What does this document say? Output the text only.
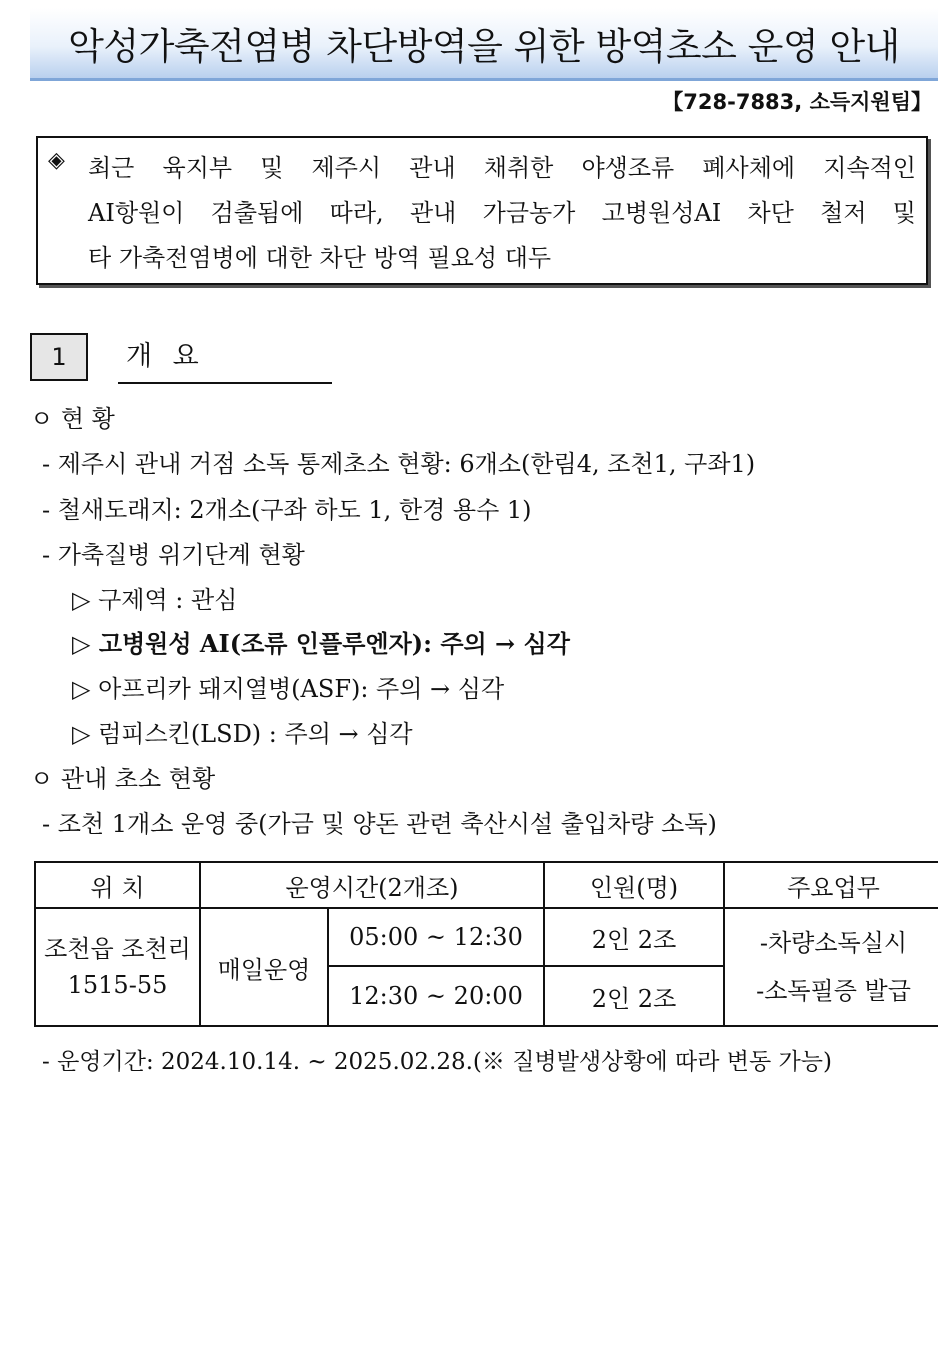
악성가축전염병 차단방역을 위한 방역초소 운영 안내
【728-7883, 소득지원팀】
◈ 최근 육지부 및 제주시 관내 채취한 야생조류 폐사체에 지속적인
AI항원이 검출됨에 따라, 관내 가금농가 고병원성AI 차단 철저 및
타 가축전염병에 대한 차단 방역 필요성 대두
1	개 요
ㅇ 현 황
- 제주시 관내 거점 소독 통제초소 현황: 6개소(한림4, 조천1, 구좌1)
- 철새도래지: 2개소(구좌 하도 1, 한경 용수 1)
- 가축질병 위기단계 현황
▷ 구제역 : 관심
▷ 고병원성 AI(조류 인플루엔자): 주의 → 심각
▷ 아프리카 돼지열병(ASF): 주의 → 심각
▷ 럼피스킨(LSD) : 주의 → 심각
ㅇ 관내 초소 현황
- 조천 1개소 운영 중(가금 및 양돈 관련 축산시설 출입차량 소독)
위 치	운영시간(2개조)		인원(명)	주요업무
조천읍 조천리 1515-55	매일운영	05:00 ~ 12:30	2인 2조	-차량소독실시
-소독필증 발급

		12:30 ~ 20:00	2인 2조	
- 운영기간: 2024.10.14. ~ 2025.02.28.(※ 질병발생상황에 따라 변동 가능)
